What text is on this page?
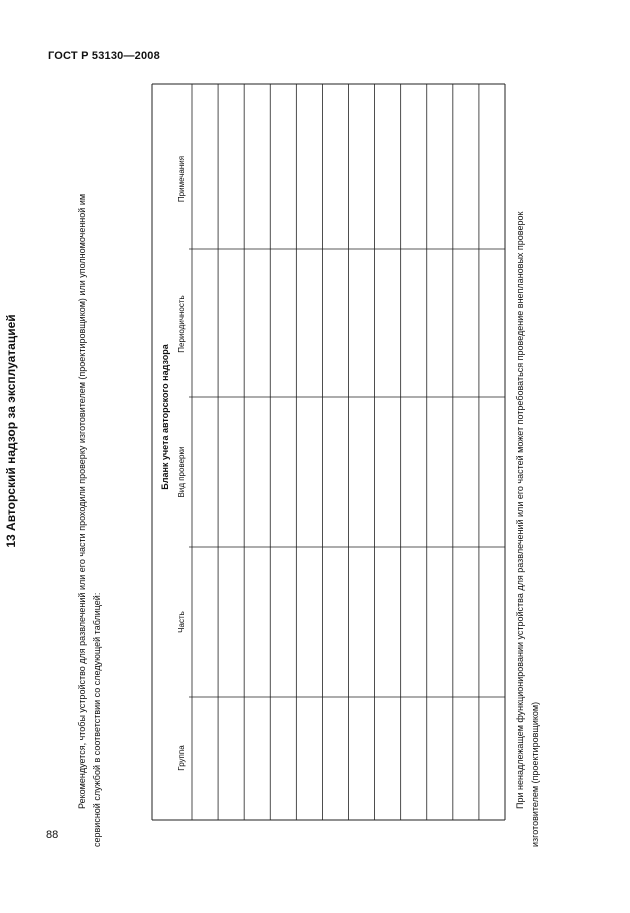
ГОСТ Р 53130—2008
88
13 Авторский надзор за эксплуатацией	Рекомендуется, чтобы устройство для развлечений или его части проходили проверку изготовителем (проектировщиком) или уполномоченной им сервисной службой в соответствии со следующей таблицей:
Бланк учета авторского надзора
Группа
Часть
Вид проверки
Периодичность
Примечания
При ненадлежащем функционировании устройства для развлечений или его частей может потребоваться проведение внеплановых проверок изготовителем (проектировщиком)
